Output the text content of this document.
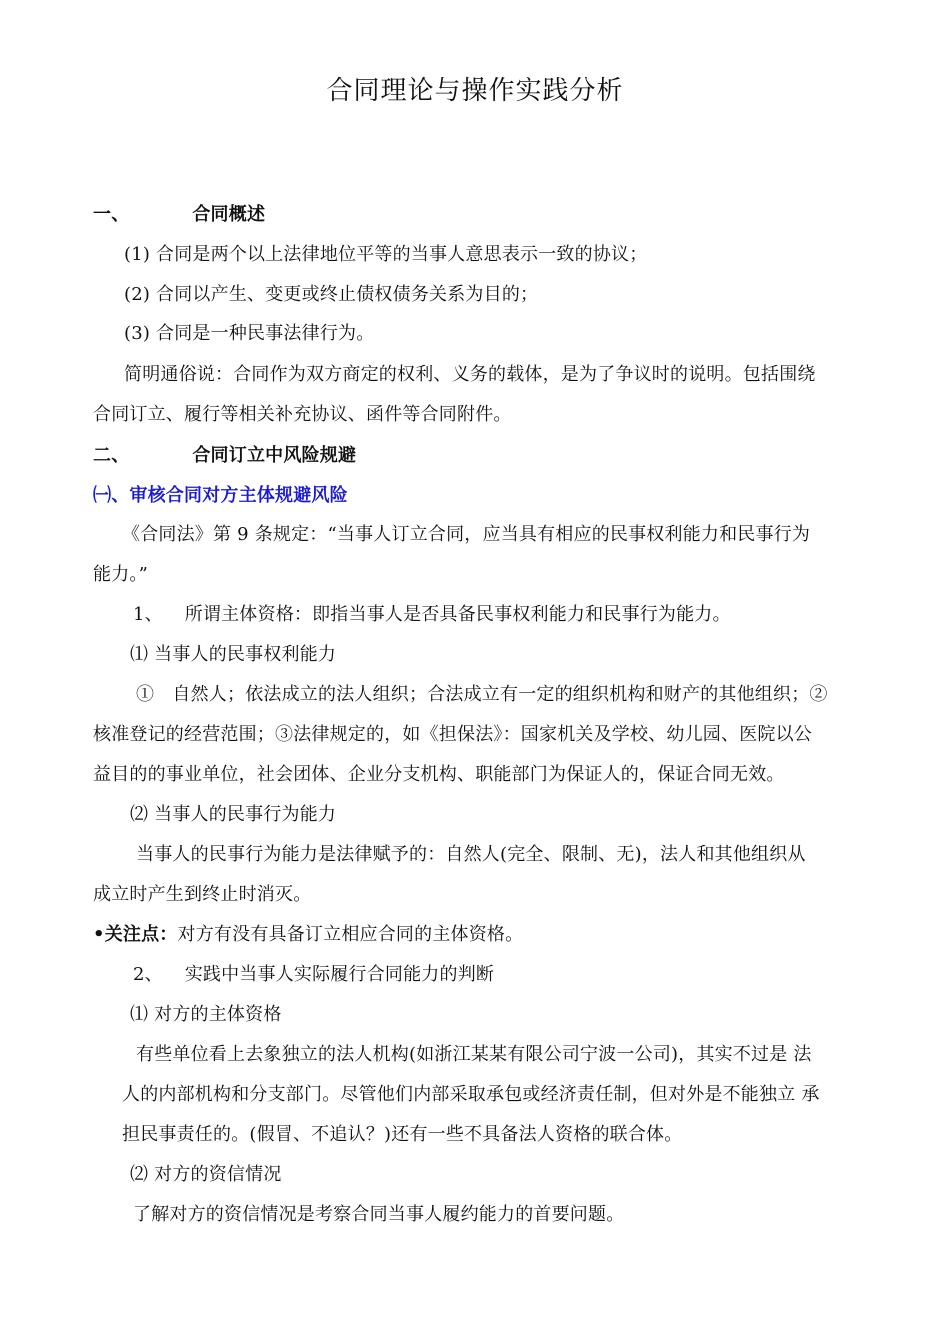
合同理论与操作实践分析
一、	合同概述
(1) 合同是两个以上法律地位平等的当事人意思表示一致的协议；
(2) 合同以产生、变更或终止债权债务关系为目的；
(3) 合同是一种民事法律行为。
简明通俗说：合同作为双方商定的权利、义务的载体，是为了争议时的说明。包括围绕
合同订立、履行等相关补充协议、函件等合同附件。
二、	合同订立中风险规避
㈠、审核合同对方主体规避风险
《合同法》第 9 条规定：“当事人订立合同，应当具有相应的民事权利能力和民事行为
能力。”
1、 所谓主体资格：即指当事人是否具备民事权利能力和民事行为能力。
⑴ 当事人的民事权利能力
①　自然人；依法成立的法人组织；合法成立有一定的组织机构和财产的其他组织；②
核准登记的经营范围；③法律规定的，如《担保法》：国家机关及学校、幼儿园、医院以公
益目的的事业单位，社会团体、企业分支机构、职能部门为保证人的，保证合同无效。
⑵ 当事人的民事行为能力
当事人的民事行为能力是法律赋予的：自然人(完全、限制、无)，法人和其他组织从
成立时产生到终止时消灭。
•关注点：对方有没有具备订立相应合同的主体资格。
2、 实践中当事人实际履行合同能力的判断
⑴ 对方的主体资格
有些单位看上去象独立的法人机构(如浙江某某有限公司宁波一公司)，其实不过是 法
人的内部机构和分支部门。尽管他们内部采取承包或经济责任制，但对外是不能独立 承
担民事责任的。(假冒、不追认？)还有一些不具备法人资格的联合体。
⑵ 对方的资信情况
了解对方的资信情况是考察合同当事人履约能力的首要问题。
